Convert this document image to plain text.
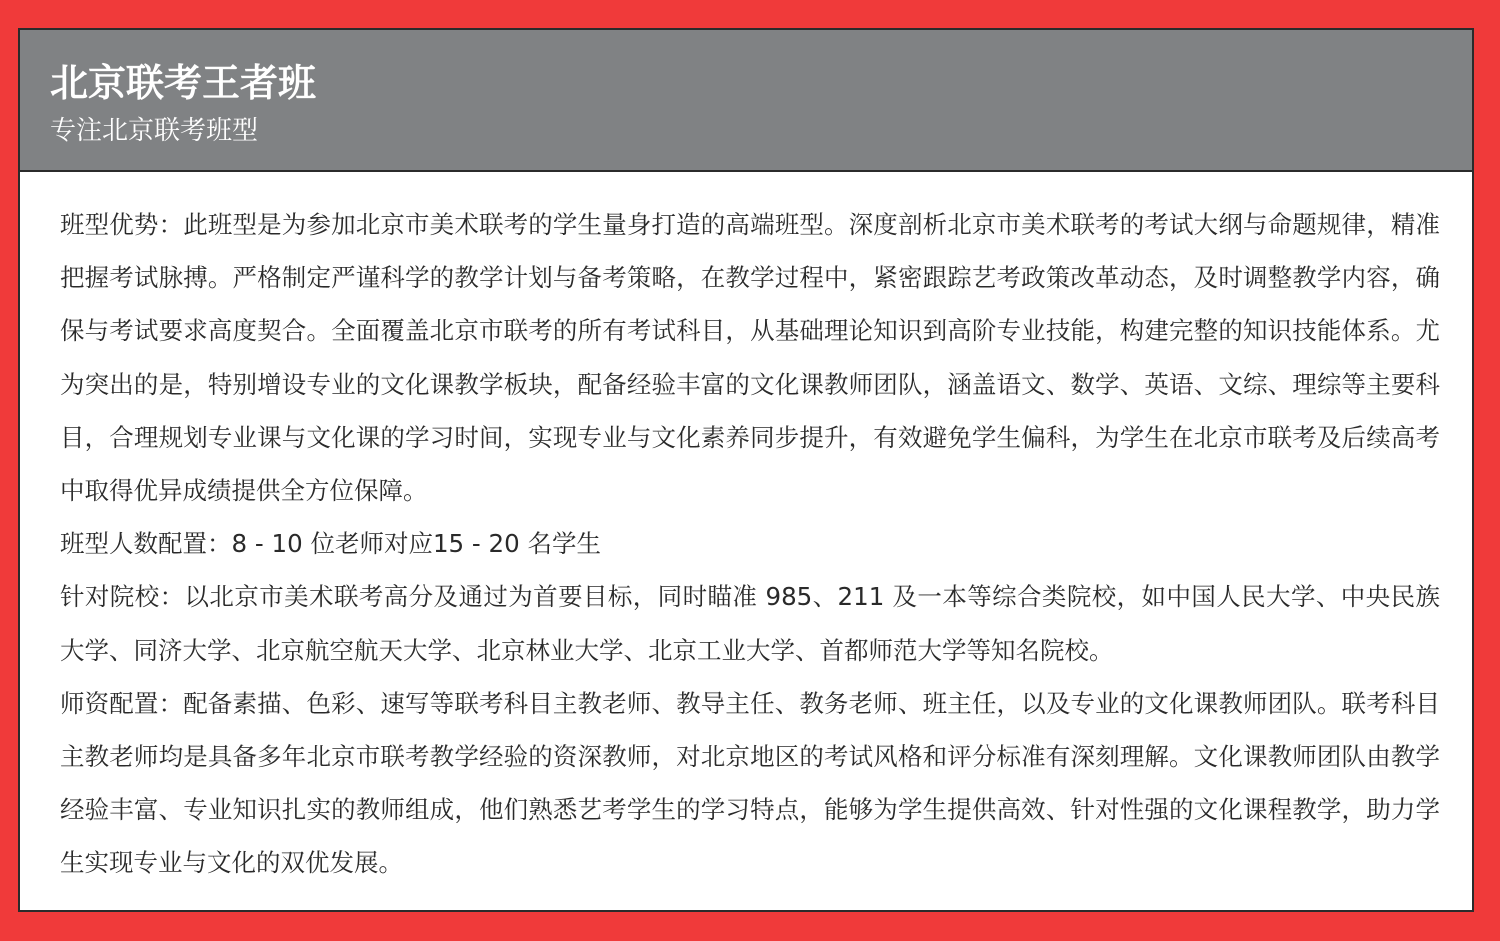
北京联考王者班

专注北京联考班型

班型优势：此班型是为参加北京市美术联考的学生量身打造的高端班型。深度剖析北京市美术联考的考试大纲与命题规律，精准把握考试脉搏。严格制定严谨科学的教学计划与备考策略，在教学过程中，紧密跟踪艺考政策改革动态，及时调整教学内容，确保与考试要求高度契合。全面覆盖北京市联考的所有考试科目，从基础理论知识到高阶专业技能，构建完整的知识技能体系。尤为突出的是，特别增设专业的文化课教学板块，配备经验丰富的文化课教师团队，涵盖语文、数学、英语、文综、理综等主要科目，合理规划专业课与文化课的学习时间，实现专业与文化素养同步提升，有效避免学生偏科，为学生在北京市联考及后续高考中取得优异成绩提供全方位保障。

班型人数配置：8 - 10 位老师对应15 - 20 名学生

针对院校：以北京市美术联考高分及通过为首要目标，同时瞄准 985、211 及一本等综合类院校，如中国人民大学、中央民族大学、同济大学、北京航空航天大学、北京林业大学、北京工业大学、首都师范大学等知名院校。

师资配置：配备素描、色彩、速写等联考科目主教老师、教导主任、教务老师、班主任，以及专业的文化课教师团队。联考科目主教老师均是具备多年北京市联考教学经验的资深教师，对北京地区的考试风格和评分标准有深刻理解。文化课教师团队由教学经验丰富、专业知识扎实的教师组成，他们熟悉艺考学生的学习特点，能够为学生提供高效、针对性强的文化课程教学，助力学生实现专业与文化的双优发展。
